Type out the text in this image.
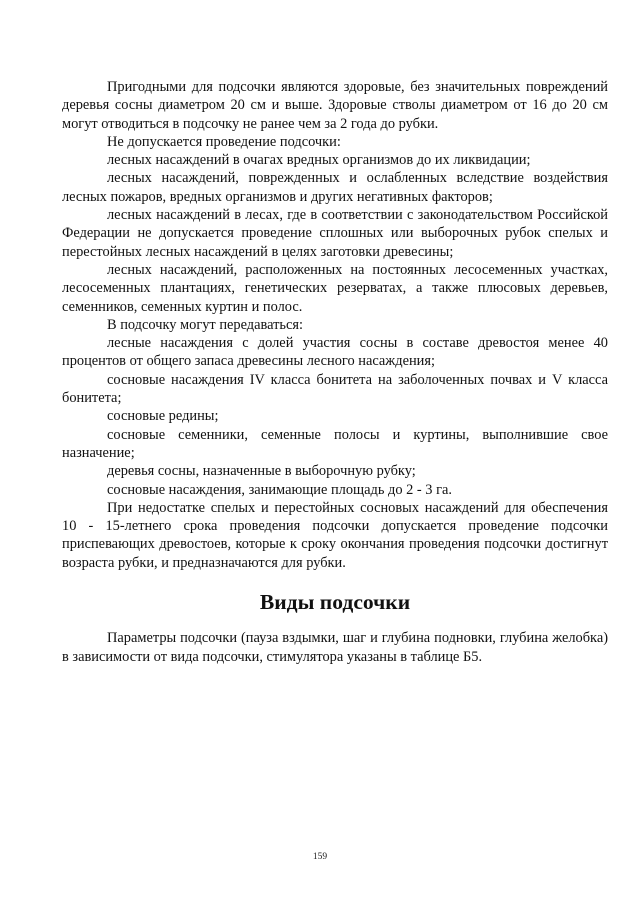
Пригодными для подсочки являются здоровые, без значительных повреждений деревья сосны диаметром 20 см и выше. Здоровые стволы диаметром от 16 до 20 см могут отводиться в подсочку не ранее чем за 2 года до рубки.

Не допускается проведение подсочки:

лесных насаждений в очагах вредных организмов до их ликвидации;

лесных насаждений, поврежденных и ослабленных вследствие воздействия лесных пожаров, вредных организмов и других негативных факторов;

лесных насаждений в лесах, где в соответствии с законодательством Российской Федерации не допускается проведение сплошных или выборочных рубок спелых и перестойных лесных насаждений в целях заготовки древесины;

лесных насаждений, расположенных на постоянных лесосеменных участках, лесосеменных плантациях, генетических резерватах, а также плюсовых деревьев, семенников, семенных куртин и полос.

В подсочку могут передаваться:

лесные насаждения с долей участия сосны в составе древостоя менее 40 процентов от общего запаса древесины лесного насаждения;

сосновые насаждения IV класса бонитета на заболоченных почвах и V класса бонитета;

сосновые редины;

сосновые семенники, семенные полосы и куртины, выполнившие свое назначение;

деревья сосны, назначенные в выборочную рубку;

сосновые насаждения, занимающие площадь до 2 - 3 га.

При недостатке спелых и перестойных сосновых насаждений для обеспечения 10 - 15-летнего срока проведения подсочки допускается проведение подсочки приспевающих древостоев, которые к сроку окончания проведения подсочки достигнут возраста рубки, и предназначаются для рубки.

Виды подсочки

Параметры подсочки (пауза вздымки, шаг и глубина подновки, глубина желобка) в зависимости от вида подсочки, стимулятора указаны в таблице Б5.

159
